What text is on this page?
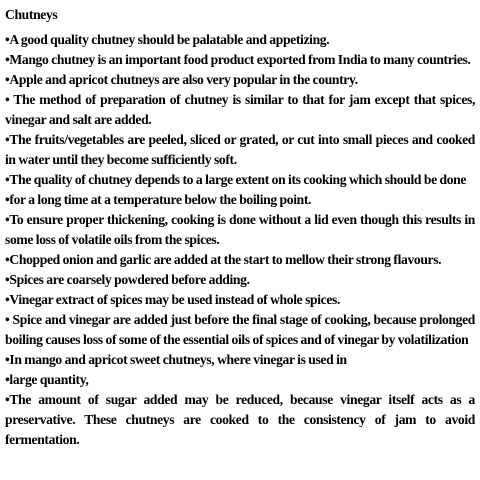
Chutneys

•A good quality chutney should be palatable and appetizing.

•Mango chutney is an important food product exported from India to many countries.

•Apple and apricot chutneys are also very popular in the country.

• The method of preparation of chutney is similar to that for jam except that spices, vinegar and salt are added.

•The fruits/vegetables are peeled, sliced or grated, or cut into small pieces and cooked in water until they become sufficiently soft.

•The quality of chutney depends to a large extent on its cooking which should be done

•for a long time at a temperature below the boiling point.

•To ensure proper thickening, cooking is done without a lid even though this results in some loss of volatile oils from the spices.

•Chopped onion and garlic are added at the start to mellow their strong flavours.

•Spices are coarsely powdered before adding.

•Vinegar extract of spices may be used instead of whole spices.

• Spice and vinegar are added just before the final stage of cooking, because prolonged boiling causes loss of some of the essential oils of spices and of vinegar by volatilization

•In mango and apricot sweet chutneys, where vinegar is used in

•large quantity,

•The amount of sugar added may be reduced, because vinegar itself acts as a preservative. These chutneys are cooked to the consistency of jam to avoid fermentation.
